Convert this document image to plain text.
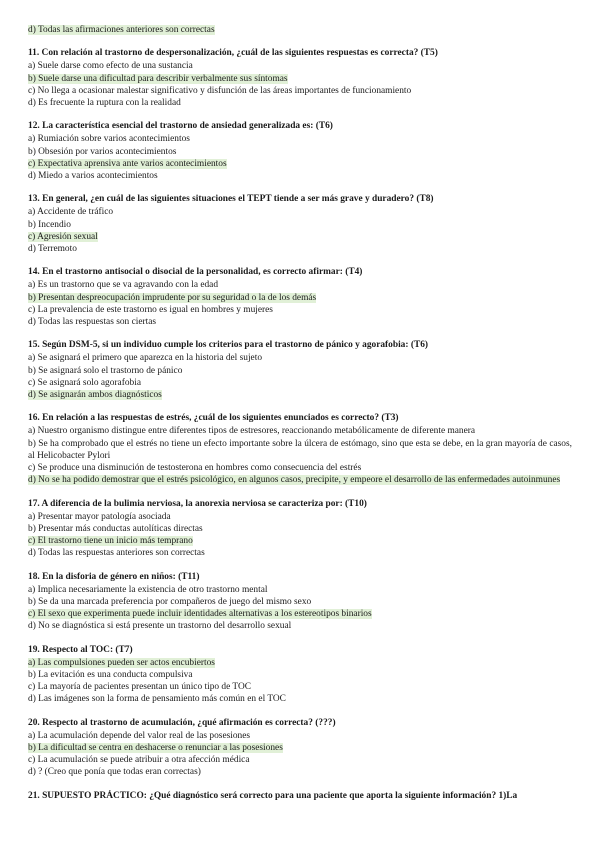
d) Todas las afirmaciones anteriores son correctas
11. Con relación al trastorno de despersonalización, ¿cuál de las siguientes respuestas es correcta? (T5)
a) Suele darse como efecto de una sustancia
b) Suele darse una dificultad para describir verbalmente sus síntomas
c) No llega a ocasionar malestar significativo y disfunción de las áreas importantes de funcionamiento
d) Es frecuente la ruptura con la realidad
12. La característica esencial del trastorno de ansiedad generalizada es: (T6)
a) Rumiación sobre varios acontecimientos
b) Obsesión por varios acontecimientos
c) Expectativa aprensiva ante varios acontecimientos
d) Miedo a varios acontecimientos
13. En general, ¿en cuál de las siguientes situaciones el TEPT tiende a ser más grave y duradero? (T8)
a) Accidente de tráfico
b) Incendio
c) Agresión sexual
d) Terremoto
14. En el trastorno antisocial o disocial de la personalidad, es correcto afirmar: (T4)
a) Es un trastorno que se va agravando con la edad
b) Presentan despreocupación imprudente por su seguridad o la de los demás
c) La prevalencia de este trastorno es igual en hombres y mujeres
d) Todas las respuestas son ciertas
15. Según DSM-5, si un individuo cumple los criterios para el trastorno de pánico y agorafobia: (T6)
a) Se asignará el primero que aparezca en la historia del sujeto
b) Se asignará solo el trastorno de pánico
c) Se asignará solo agorafobia
d) Se asignarán ambos diagnósticos
16. En relación a las respuestas de estrés, ¿cuál de los siguientes enunciados es correcto? (T3)
a) Nuestro organismo distingue entre diferentes tipos de estresores, reaccionando metabólicamente de diferente manera
b) Se ha comprobado que el estrés no tiene un efecto importante sobre la úlcera de estómago, sino que esta se debe, en la gran mayoría de casos, al Helicobacter Pylori
c) Se produce una disminución de testosterona en hombres como consecuencia del estrés
d) No se ha podido demostrar que el estrés psicológico, en algunos casos, precipite, y empeore el desarrollo de las enfermedades autoinmunes
17. A diferencia de la bulimia nerviosa, la anorexia nerviosa se caracteriza por: (T10)
a) Presentar mayor patología asociada
b) Presentar más conductas autolíticas directas
c) El trastorno tiene un inicio más temprano
d) Todas las respuestas anteriores son correctas
18. En la disforia de género en niños: (T11)
a) Implica necesariamente la existencia de otro trastorno mental
b) Se da una marcada preferencia por compañeros de juego del mismo sexo
c) El sexo que experimenta puede incluir identidades alternativas a los estereotipos binarios
d) No se diagnóstica si está presente un trastorno del desarrollo sexual
19. Respecto al TOC: (T7)
a) Las compulsiones pueden ser actos encubiertos
b) La evitación es una conducta compulsiva
c) La mayoría de pacientes presentan un único tipo de TOC
d) Las imágenes son la forma de pensamiento más común en el TOC
20. Respecto al trastorno de acumulación, ¿qué afirmación es correcta? (???)
a) La acumulación depende del valor real de las posesiones
b) La dificultad se centra en deshacerse o renunciar a las posesiones
c) La acumulación se puede atribuir a otra afección médica
d) ? (Creo que ponía que todas eran correctas)
21. SUPUESTO PRÁCTICO: ¿Qué diagnóstico será correcto para una paciente que aporta la siguiente información? 1)La
